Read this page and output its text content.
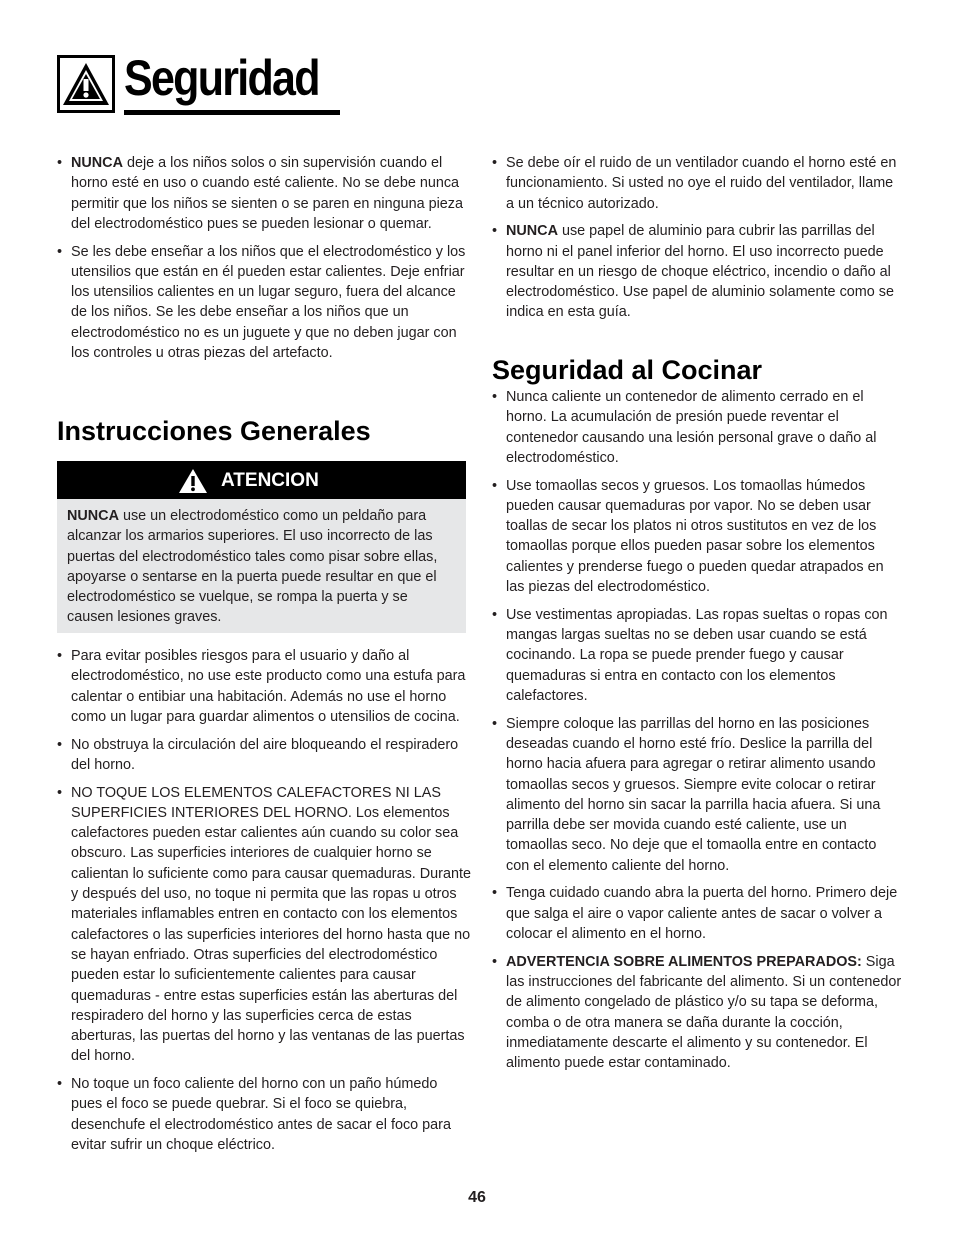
Seguridad
• NUNCA deje a los niños solos o sin supervisión cuando el horno esté en uso o cuando esté caliente. No se debe nunca permitir que los niños se sienten o se paren en ninguna pieza del electrodoméstico pues se pueden lesionar o quemar.
• Se les debe enseñar a los niños que el electrodoméstico y los utensilios que están en él pueden estar calientes. Deje enfriar los utensilios calientes en un lugar seguro, fuera del alcance de los niños. Se les debe enseñar a los niños que un electrodoméstico no es un juguete y que no deben jugar con los controles u otras piezas del artefacto.
Instrucciones Generales
ATENCION
NUNCA use un electrodoméstico como un peldaño para alcanzar los armarios superiores. El uso incorrecto de las puertas del electrodoméstico tales como pisar sobre ellas, apoyarse o sentarse en la puerta puede resultar en que el electrodoméstico se vuelque, se rompa la puerta y se causen lesiones graves.
• Para evitar posibles riesgos para el usuario y daño al electrodoméstico, no use este producto como una estufa para calentar o entibiar una habitación. Además no use el horno como un lugar para guardar alimentos o utensilios de cocina.
• No obstruya la circulación del aire bloqueando el respiradero del horno.
• NO TOQUE LOS ELEMENTOS CALEFACTORES NI LAS SUPERFICIES INTERIORES DEL HORNO. Los elementos calefactores pueden estar calientes aún cuando su color sea obscuro. Las superficies interiores de cualquier horno se calientan lo suficiente como para causar quemaduras. Durante y después del uso, no toque ni permita que las ropas u otros materiales inflamables entren en contacto con los elementos calefactores o las superficies interiores del horno hasta que no se hayan enfriado. Otras superficies del electrodoméstico pueden estar lo suficientemente calientes para causar quemaduras - entre estas superficies están las aberturas del respiradero del horno y las superficies cerca de estas aberturas, las puertas del horno y las ventanas de las puertas del horno.
• No toque un foco caliente del horno con un paño húmedo pues el foco se puede quebrar. Si el foco se quiebra, desenchufe el electrodoméstico antes de sacar el foco para evitar sufrir un choque eléctrico.
• Se debe oír el ruido de un ventilador cuando el horno esté en funcionamiento. Si usted no oye el ruido del ventilador, llame a un técnico autorizado.
• NUNCA use papel de aluminio para cubrir las parrillas del horno ni el panel inferior del horno. El uso incorrecto puede resultar en un riesgo de choque eléctrico, incendio o daño al electrodoméstico. Use papel de aluminio solamente como se indica en esta guía.
Seguridad al Cocinar
• Nunca caliente un contenedor de alimento cerrado en el horno. La acumulación de presión puede reventar el contenedor causando una lesión personal grave o daño al electrodoméstico.
• Use tomaollas secos y gruesos. Los tomaollas húmedos pueden causar quemaduras por vapor. No se deben usar toallas de secar los platos ni otros sustitutos en vez de los tomaollas porque ellos pueden pasar sobre los elementos calientes y prenderse fuego o pueden quedar atrapados en las piezas del electrodoméstico.
• Use vestimentas apropiadas. Las ropas sueltas o ropas con mangas largas sueltas no se deben usar cuando se está cocinando. La ropa se puede prender fuego y causar quemaduras si entra en contacto con los elementos calefactores.
• Siempre coloque las parrillas del horno en las posiciones deseadas cuando el horno esté frío. Deslice la parrilla del horno hacia afuera para agregar o retirar alimento usando tomaollas secos y gruesos. Siempre evite colocar o retirar alimento del horno sin sacar la parrilla hacia afuera. Si una parrilla debe ser movida cuando esté caliente, use un tomaollas seco. No deje que el tomaolla entre en contacto con el elemento caliente del horno.
• Tenga cuidado cuando abra la puerta del horno. Primero deje que salga el aire o vapor caliente antes de sacar o volver a colocar el alimento en el horno.
• ADVERTENCIA SOBRE ALIMENTOS PREPARADOS: Siga las instrucciones del fabricante del alimento. Si un contenedor de alimento congelado de plástico y/o su tapa se deforma, comba o de otra manera se daña durante la cocción, inmediatamente descarte el alimento y su contenedor. El alimento puede estar contaminado.
46
